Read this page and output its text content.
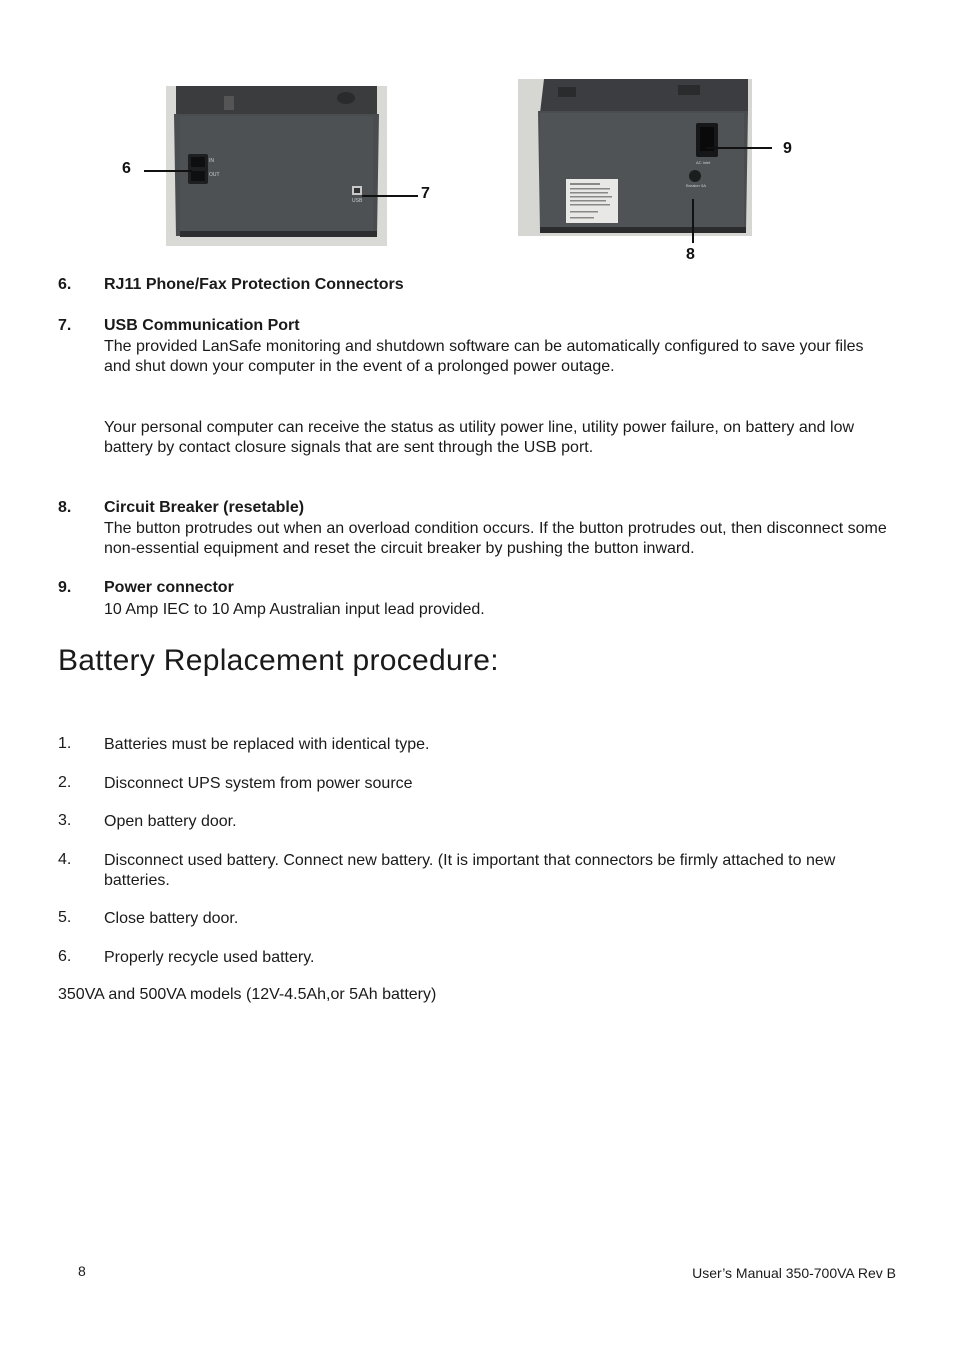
OUT
IN
USB
AC Inlet
Breaker 5A
6
7
9
8
6. RJ11 Phone/Fax Protection Connectors
7. USB Communication Port
The provided LanSafe monitoring and shutdown software can be automatically configured to save your files and shut down your computer in the event of a prolonged power outage.
Your personal computer can receive the status as utility power line, utility power failure, on battery and low battery by contact closure signals that are sent through the USB port.
8. Circuit Breaker (resetable)
The button protrudes out when an overload condition occurs. If the button protrudes out, then disconnect some non-essential equipment and reset the circuit breaker by pushing the button inward.
9. Power connector
10 Amp IEC to 10 Amp Australian input lead provided.
Battery Replacement procedure:
1. Batteries must be replaced with identical type.
2. Disconnect UPS system from power source
3. Open battery door.
4. Disconnect used battery. Connect new battery. (It is important that connectors be firmly attached to new batteries.
5. Close battery door.
6. Properly recycle used battery.
350VA and 500VA models (12V-4.5Ah,or 5Ah battery)
8	User’s Manual 350-700VA Rev B
